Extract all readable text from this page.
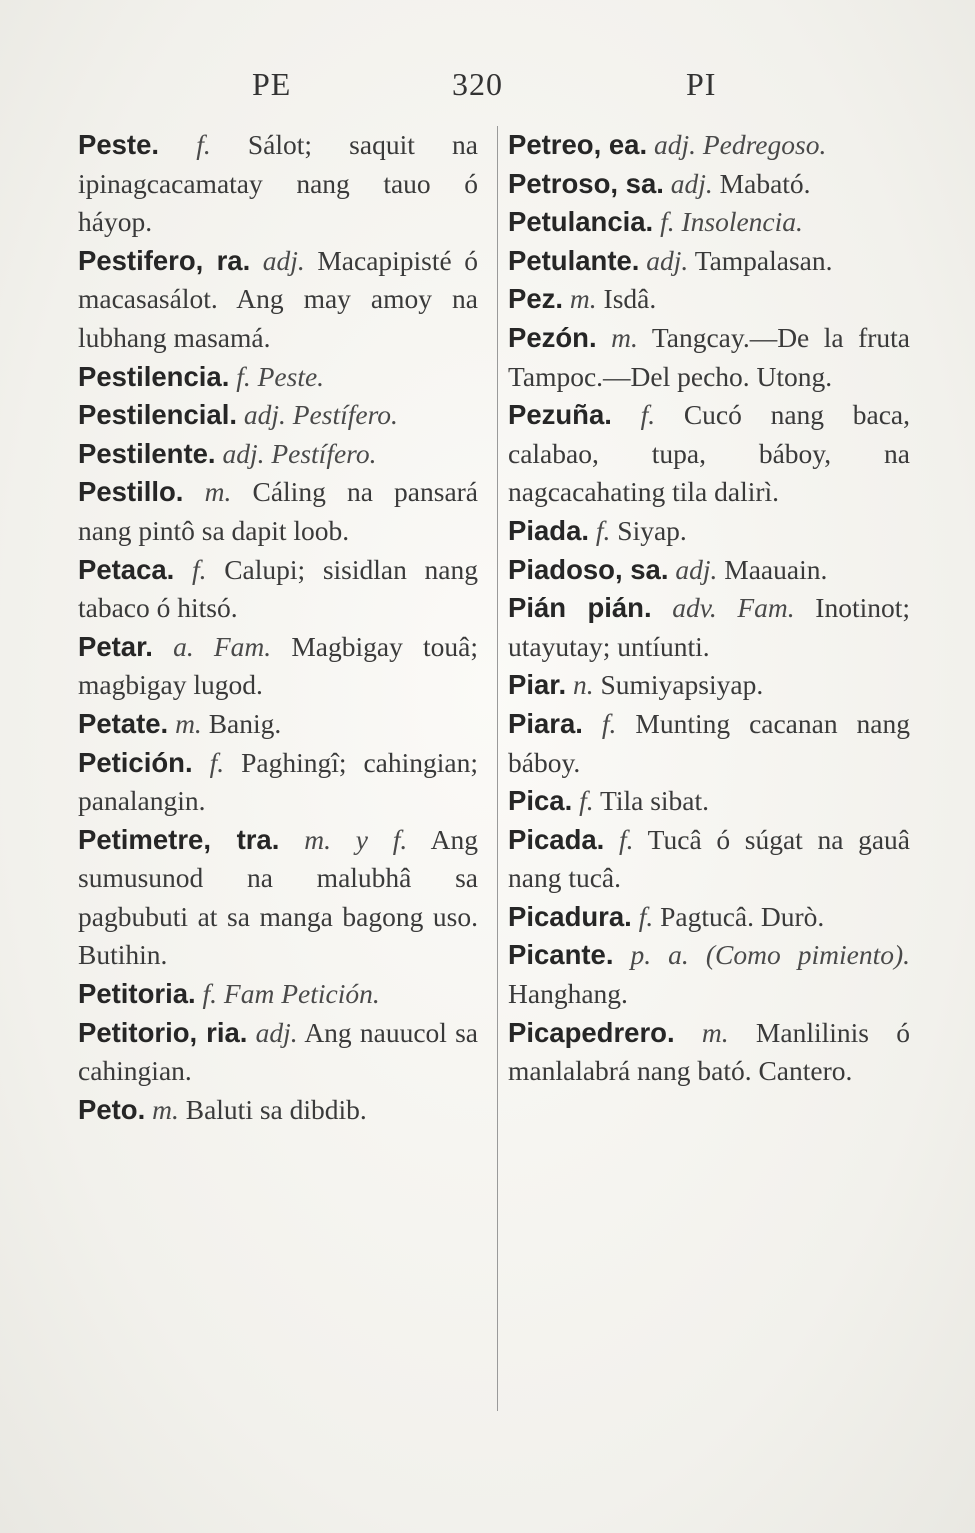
PE	320	PI
Peste. f. Sálot; saquit na ipinagcacamatay nang tauo ó háyop.
Pestifero, ra. adj. Macapipisté ó macasasálot. Ang may amoy na lubhang masamá.
Pestilencia. f. Peste.
Pestilencial. adj. Pestífero.
Pestilente. adj. Pestífero.
Pestillo. m. Cáling na pansará nang pintô sa dapit loob.
Petaca. f. Calupi; sisidlan nang tabaco ó hitsó.
Petar. a. Fam. Magbigay touâ; magbigay lugod.
Petate. m. Banig.
Petición. f. Paghingî; cahingian; panalangin.
Petimetre, tra. m. y f. Ang sumusunod na malubhâ sa pagbubuti at sa manga bagong uso. Butihin.
Petitoria. f. Fam Petición.
Petitorio, ria. adj. Ang nauucol sa cahingian.
Peto. m. Baluti sa dibdib.
Petreo, ea. adj. Pedregoso.
Petroso, sa. adj. Mabató.
Petulancia. f. Insolencia.
Petulante. adj. Tampalasan.
Pez. m. Isdâ.
Pezón. m. Tangcay.—De la fruta Tampoc.—Del pecho. Utong.
Pezuña. f. Cucó nang baca, calabao, tupa, báboy, na nagcacahating tila dalirì.
Piada. f. Siyap.
Piadoso, sa. adj. Maauain.
Pián pián. adv. Fam. Inotinot; utayutay; untíunti.
Piar. n. Sumiyapsiyap.
Piara. f. Munting cacanan nang báboy.
Pica. f. Tila sibat.
Picada. f. Tucâ ó súgat na gauâ nang tucâ.
Picadura. f. Pagtucâ. Durò.
Picante. p. a. (Como pimiento). Hanghang.
Picapedrero. m. Manlilinis ó manlalabrá nang bató. Cantero.
